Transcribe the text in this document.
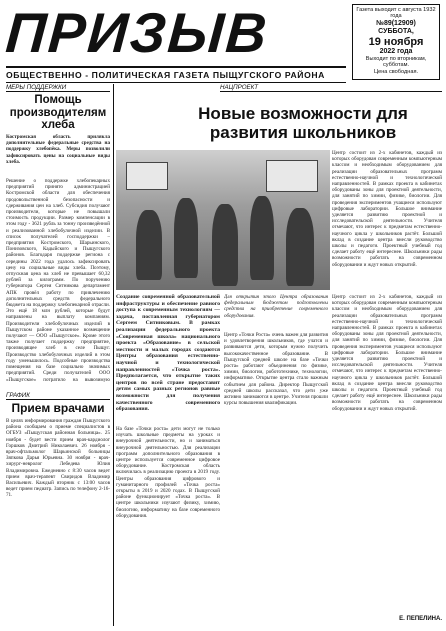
ПРИЗЫВ
ОБЩЕСТВЕННО - ПОЛИТИЧЕСКАЯ ГАЗЕТА ПЫЩУГСКОГО РАЙОНА
Газета выходит с августа 1932 года
№89(12909)
СУББОТА,
19 ноября
2022 года
Выходит по вторникам, субботам.
Цена свободная.
МЕРЫ ПОДДЕРЖКИ
Помощь производителям хлеба
Костромская область прилякла дополнительные федеральные средства на поддержку хлебопёка. Меры позволили зафиксировать цены на социальные виды хлеба.
Решение о поддержке хлебопекарных предприятий принято администрацией Костромской области для обеспечения продовольственной безопасности и сдерживания цен на хлеб. Субсидия получают производители, которые не повышали стоимость продукции. Размер компенсации в этом году - 3621 рубль за тонну произведённой и реализованной хлебобулочной изделии. В список получателей господдержки – предприятия Костромского, Шарьинского, Понизовского, Кадыйского и Пыщугского районов. Благодаря поддержке региона с середины 2022 года удалось зафиксировать цену на социальные виды хлеба. Поэтому, отпускная цена на хлеб не превышает 60,32 рублей за килограмм. По поручению губернатора Сергея Ситникова департамент АПК провёл работу по привлечению дополнительных средств федерального бюджета на поддержку хлебопекарной отрасли. Это ещё 18 млн рублей, которые будут направлены на выплату компаниям. Производители хлебобулочных изделий в Пыщугском районе указанное возмещение получают — ООО «Пыщугское». Кроме этого также получает поддержку предприятие, производящее хлеб в селе Пыщуг. Производство хлебобулочных изделий в этом году уменьшилось. Подсобные производства помещения на базе социально значимых предприятий. Среди получателей ООО «Пыщугское» потратило на вывозимую
ГРАФИК
Прием врачами
В целях информирования граждан Пыщугского района сообщаем о приеме специалистов в ОГБУЗ «Пыщугская районная больница». 25 ноября - будет вести прием врач-кардиолог Горшков Дмитрий Николаевич. 26 ноября - врач-офтальмолог Шарьинской больницы Зяпкова Дарья Юрьевна. 30 ноября - врач-хирург-невролог Лебедева Юлия Владимировна. Ежедневно с 8:30 часов ведет прием врач-терапевт Свиридов Владимир Васильевич. Каждый вторник с 13:00 часов ведет прием педиатр. Запись по телефону 2-16-71.
НАЦПРОЕКТ
Новые возможности для развития школьников
Центр состоит из 2-х кабинетов, каждый из которых оборудован современным компьютерным классом и необходимым оборудованием для реализации образовательных программ естественно-научной и технологической направленностей. В рамках проекта в кабинетах оборудованы зоны для проектной деятельности, для занятий по химии, физике, биологии. Для проведения экспериментов учащиеся используют цифровые лаборатории. Большое внимание уделяется развитию проектной и исследовательской деятельности. Учителя отмечают, что интерес к предметам естественно-научного цикла у школьников растёт. Большой вклад в создание центра внесли руководство школы и педагоги. Проектный учебный год сделает работу ещё интереснее. Школьники рады возможности работать на современном оборудовании и ждут новых открытий.
Создание современной образовательной инфраструктуры и обеспечение равного доступа к современным технологиям — задача, поставленная губернатором Сергеем Ситниковым. В рамках реализации федерального проекта «Современная школа» национального проекта «Образование» в сельской местности и малых городах создаются Центры образования естественно-научной и технологической направленностей «Точка роста». Предполагается, что открытие таких центров по всей стране предоставит детям самых разных регионов равные возможности для получения качественного современного образования.
На базе «Точки роста» дети могут не только изучать школьные предметы на уроках и внеурочной деятельности, но и заниматься внеурочной деятельностью. Для реализации программ дополнительного образования в центре используется современное цифровое оборудование. Костромская область включилась в реализацию проекта в 2019 году. Центры образования цифрового и гуманитарного профилей «Точка роста» открыты в 2019 и 2020 годах. В Пыщугской районе функционирует «Точка роста». В центре школьники изучают физику, химию, биологию, информатику на базе современного оборудования.
Для открытия этого Центра образования федеральным бюджетом подготовлены средства на приобретение современного оборудования.
Центр «Точки Роста» очень важен для развития и удовлетворения школьников, где учатся и развиваются дети, которым нужно получить высококачественное образование. В Пыщугской средней школе на базе «Точки роста» работают объединения по физике, химии, биологии, робототехнике, технологии, информатике. Открытие центра стало важным событием для района. Директор Пыщугской средней школы рассказал, что дети уже активно занимаются в центре. Учителя прошли курсы повышения квалификации.
Центр состоит из 2-х кабинетов, каждый из которых оборудован современным компьютерным классом и необходимым оборудованием для реализации образовательных программ естественно-научной и технологической направленностей. В рамках проекта в кабинетах оборудованы зоны для проектной деятельности, для занятий по химии, физике, биологии. Для проведения экспериментов учащиеся используют цифровые лаборатории. Большое внимание уделяется развитию проектной и исследовательской деятельности. Учителя отмечают, что интерес к предметам естественно-научного цикла у школьников растёт. Большой вклад в создание центра внесли руководство школы и педагоги. Проектный учебный год сделает работу ещё интереснее. Школьники рады возможности работать на современном оборудовании и ждут новых открытий.
Е. ПЕПЕЛИНА.
